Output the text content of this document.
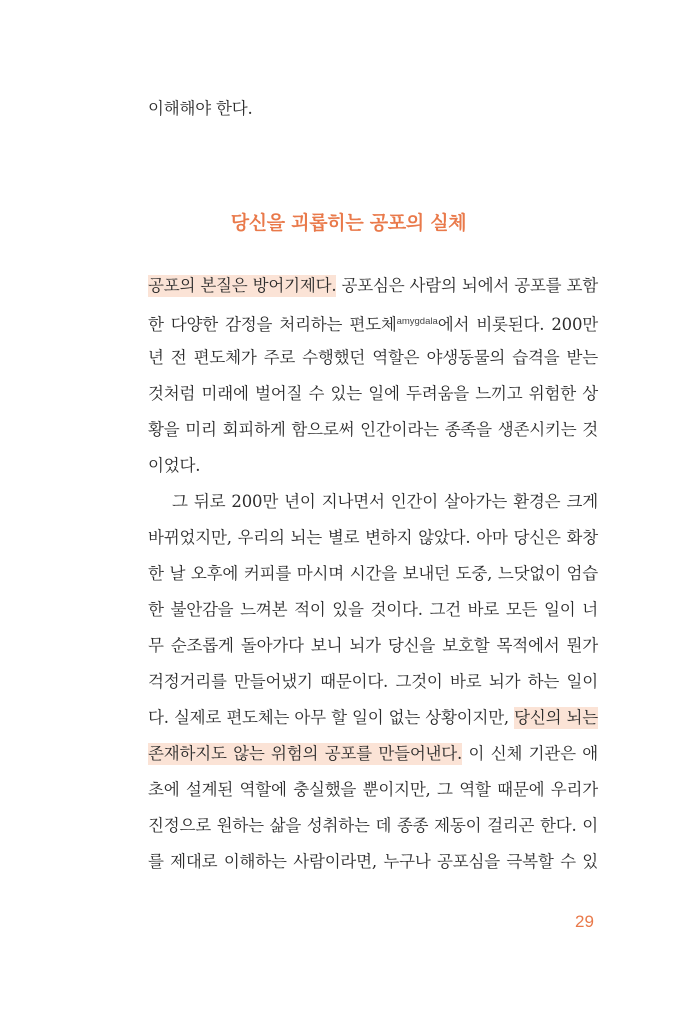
이해해야 한다.
당신을 괴롭히는 공포의 실체
공포의 본질은 방어기제다. 공포심은 사람의 뇌에서 공포를 포함
한 다양한 감정을 처리하는 편도체$^{amygdala}$에서 비롯된다. 200만
년 전 편도체가 주로 수행했던 역할은 야생동물의 습격을 받는
것처럼 미래에 벌어질 수 있는 일에 두려움을 느끼고 위험한 상
황을 미리 회피하게 함으로써 인간이라는 종족을 생존시키는 것
이었다.
그 뒤로 200만 년이 지나면서 인간이 살아가는 환경은 크게
바뀌었지만, 우리의 뇌는 별로 변하지 않았다. 아마 당신은 화창
한 날 오후에 커피를 마시며 시간을 보내던 도중, 느닷없이 엄습
한 불안감을 느껴본 적이 있을 것이다. 그건 바로 모든 일이 너
무 순조롭게 돌아가다 보니 뇌가 당신을 보호할 목적에서 뭔가
걱정거리를 만들어냈기 때문이다. 그것이 바로 뇌가 하는 일이
다. 실제로 편도체는 아무 할 일이 없는 상황이지만, 당신의 뇌는
존재하지도 않는 위험의 공포를 만들어낸다. 이 신체 기관은 애
초에 설계된 역할에 충실했을 뿐이지만, 그 역할 때문에 우리가
진정으로 원하는 삶을 성취하는 데 종종 제동이 걸리곤 한다. 이
를 제대로 이해하는 사람이라면, 누구나 공포심을 극복할 수 있
29
